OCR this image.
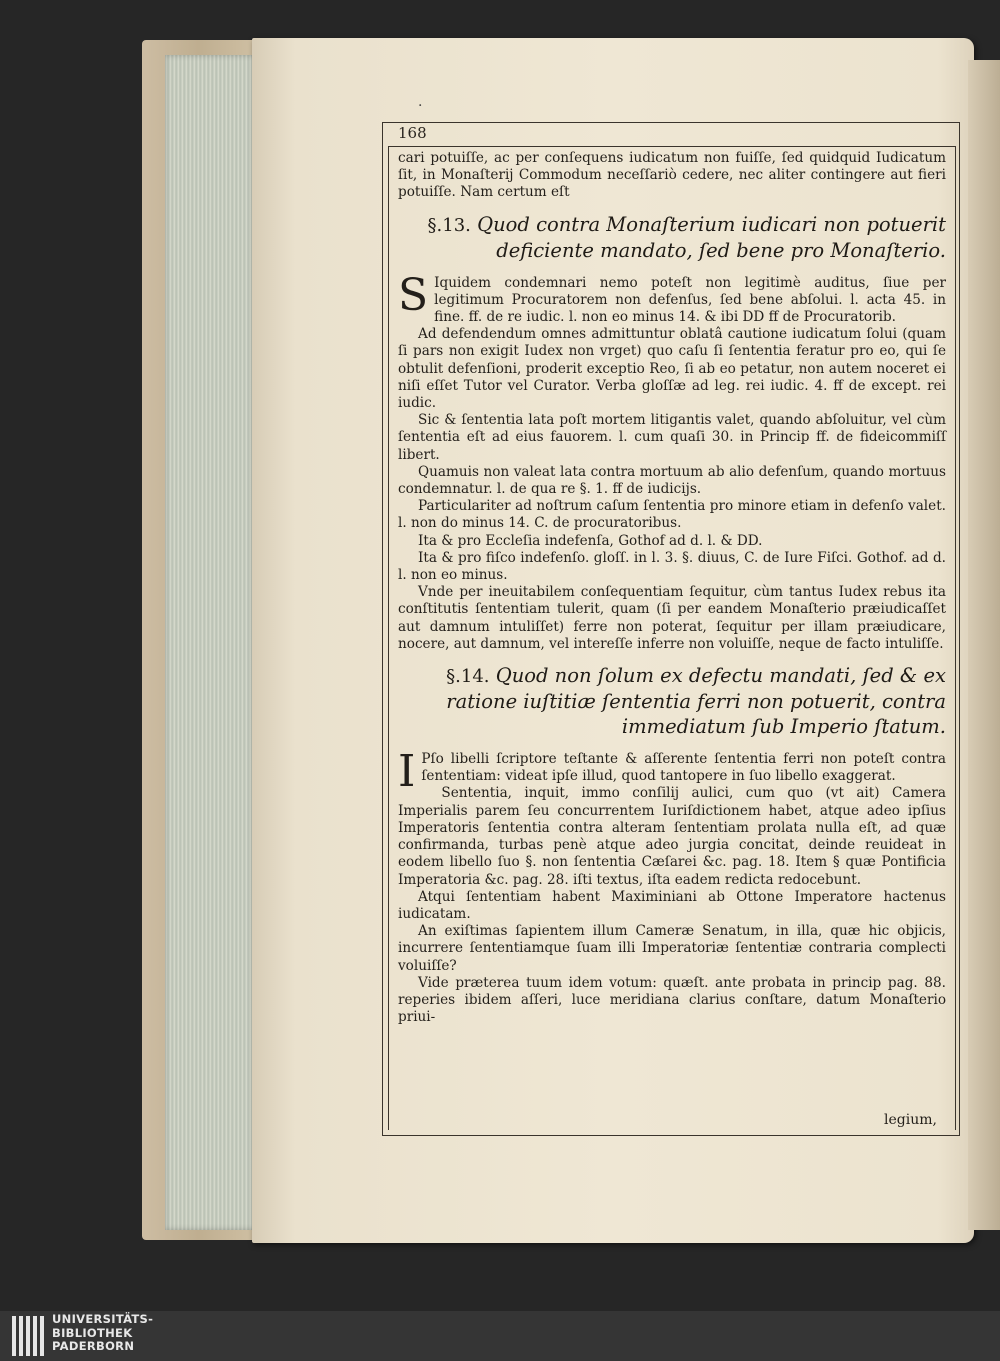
·
168

cari potuiſſe, ac per conſequens iudicatum non fuiſſe, ſed quidquid Iudicatum ſit, in Monaſterij Commodum neceſſariò cedere, nec aliter contingere aut fieri potuiſſe. Nam certum eſt

§.13. Quod contra Monaſterium iudicari non potuerit deficiente mandato, ſed bene pro Monaſterio.

S Iquidem condemnari nemo poteſt non legitimè auditus, ſiue per legitimum Procuratorem non defenſus, ſed bene abſolui. l. acta 45. in fine. ff. de re iudic. l. non eo minus 14. & ibi DD ff de Procuratorib.

Ad defendendum omnes admittuntur oblatâ cautione iudicatum ſolui (quam ſi pars non exigit Iudex non vrget) quo caſu ſi ſententia feratur pro eo, qui ſe obtulit defenſioni, proderit exceptio Reo, ſi ab eo petatur, non autem noceret ei niſi eſſet Tutor vel Curator. Verba gloſſæ ad leg. rei iudic. 4. ff de except. rei iudic.

Sic & ſententia lata poſt mortem litigantis valet, quando abſoluitur, vel cùm ſententia eſt ad eius fauorem. l. cum quaſi 30. in Princip ff. de fideicommiſſ libert.

Quamuis non valeat lata contra mortuum ab alio defenſum, quando mortuus condemnatur. l. de qua re §. 1. ff de iudicijs.

Particulariter ad noſtrum caſum ſententia pro minore etiam in defenſo valet. l. non do minus 14. C. de procuratoribus.

Ita & pro Eccleſia indefenſa, Gothof ad d. l. & DD.

Ita & pro fiſco indefenſo. gloſſ. in l. 3. §. diuus, C. de Iure Fiſci. Gothof. ad d. l. non eo minus.

Vnde per ineuitabilem conſequentiam ſequitur, cùm tantus Iudex rebus ita conſtitutis ſententiam tulerit, quam (ſi per eandem Monaſterio præiudicaſſet aut damnum intuliſſet) ferre non poterat, ſequitur per illam præiudicare, nocere, aut damnum, vel intereſſe inferre non voluiſſe, neque de facto intuliſſe.

§.14. Quod non ſolum ex defectu mandati, ſed & ex ratione iuſtitiæ ſententia ferri non potuerit, contra immediatum ſub Imperio ſtatum.

I Pſo libelli ſcriptore teſtante & aſſerente ſententia ferri non poteſt contra ſententiam: videat ipſe illud, quod tantopere in ſuo libello exaggerat.

Sententia, inquit, immo conſilij aulici, cum quo (vt ait) Camera Imperialis parem ſeu concurrentem Iuriſdictionem habet, atque adeo ipſius Imperatoris ſententia contra alteram ſententiam prolata nulla eſt, ad quæ confirmanda, turbas penè atque adeo jurgia concitat, deinde reuideat in eodem libello ſuo §. non ſententia Cæſarei &c. pag. 18. Item § quæ Pontificia Imperatoria &c. pag. 28. iſti textus, iſta eadem redicta redocebunt.

Atqui ſententiam habent Maximiniani ab Ottone Imperatore hactenus iudicatam.

An exiſtimas ſapientem illum Cameræ Senatum, in illa, quæ hic objicis, incurrere ſententiamque ſuam illi Imperatoriæ ſententiæ contraria complecti voluiſſe?

Vide præterea tuum idem votum: quæſt. ante probata in princip pag. 88. reperies ibidem aſſeri, luce meridiana clarius conſtare, datum Monaſterio priui-

legium,
UNIVERSITÄTS-
BIBLIOTHEK
PADERBORN
